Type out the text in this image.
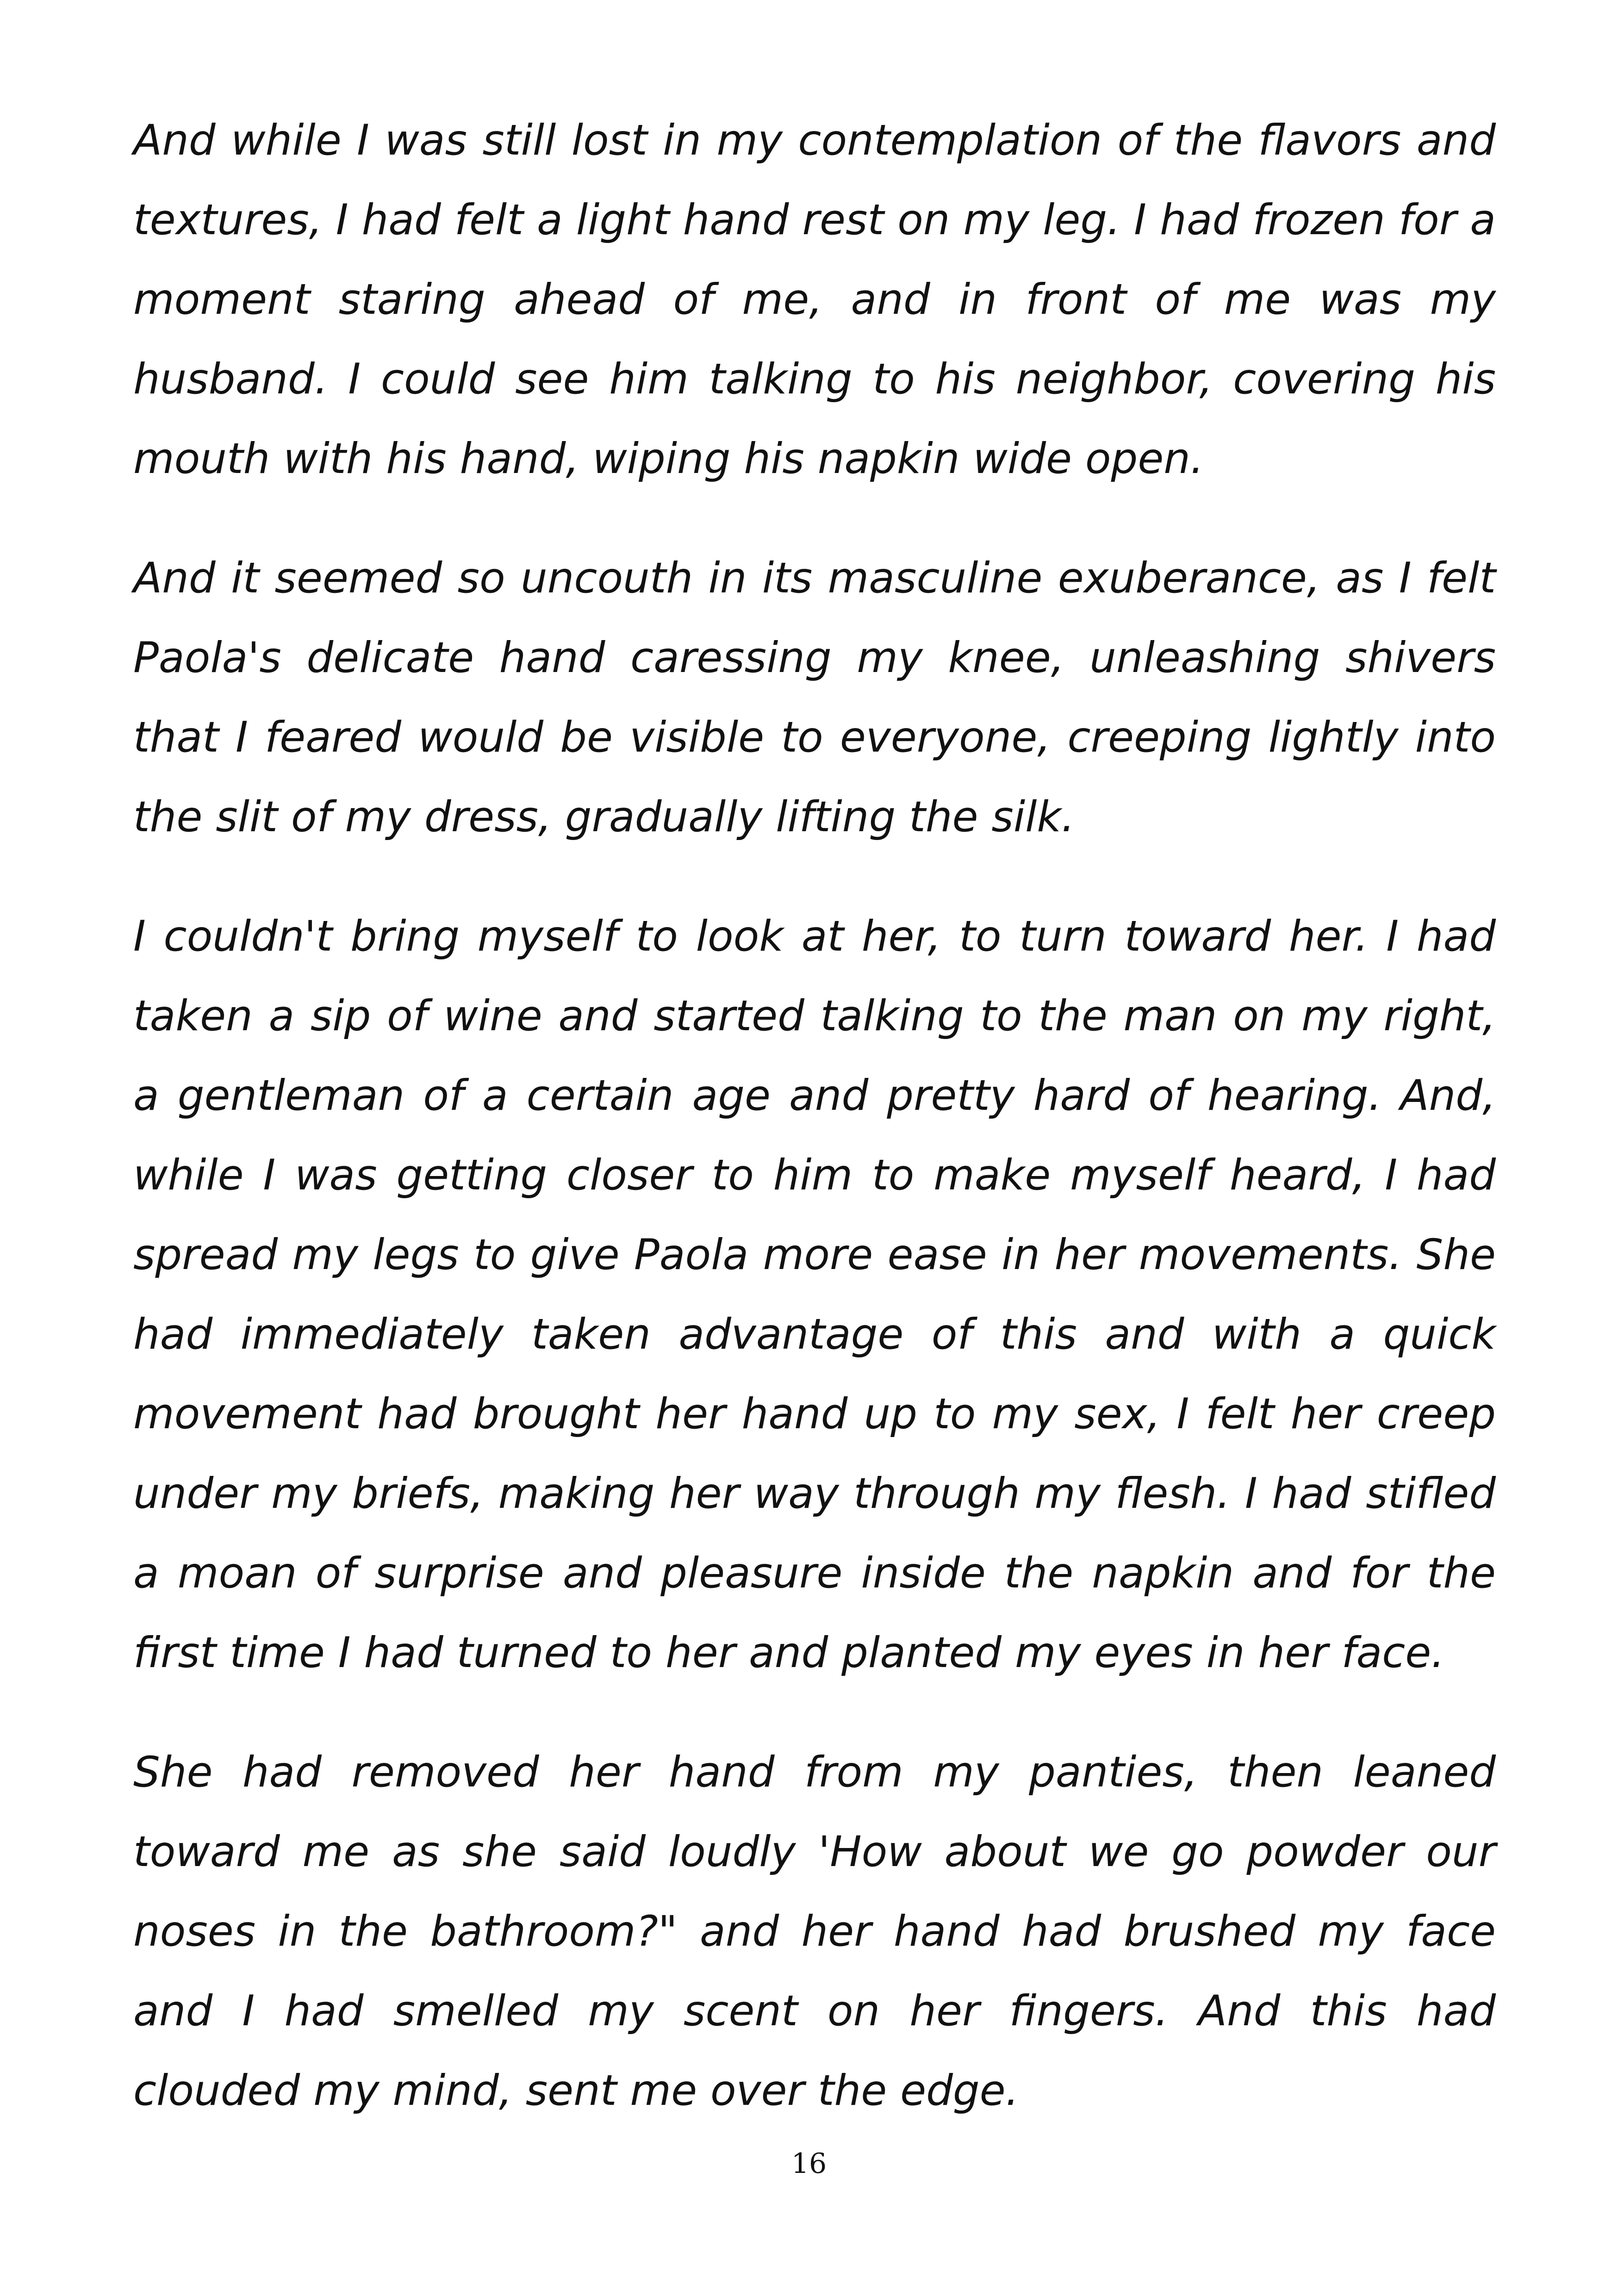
And while I was still lost in my contemplation of the flavors and textures, I had felt a light hand rest on my leg. I had frozen for a moment staring ahead of me, and in front of me was my husband. I could see him talking to his neighbor, covering his mouth with his hand, wiping his napkin wide open.

And it seemed so uncouth in its masculine exuberance, as I felt Paola's delicate hand caressing my knee, unleashing shivers that I feared would be visible to everyone, creeping lightly into the slit of my dress, gradually lifting the silk.

I couldn't bring myself to look at her, to turn toward her. I had taken a sip of wine and started talking to the man on my right, a gentleman of a certain age and pretty hard of hearing. And, while I was getting closer to him to make myself heard, I had spread my legs to give Paola more ease in her movements. She had immediately taken advantage of this and with a quick movement had brought her hand up to my sex, I felt her creep under my briefs, making her way through my flesh. I had stifled a moan of surprise and pleasure inside the napkin and for the first time I had turned to her and planted my eyes in her face.

She had removed her hand from my panties, then leaned toward me as she said loudly 'How about we go powder our noses in the bathroom?" and her hand had brushed my face and I had smelled my scent on her fingers. And this had clouded my mind, sent me over the edge.

16
